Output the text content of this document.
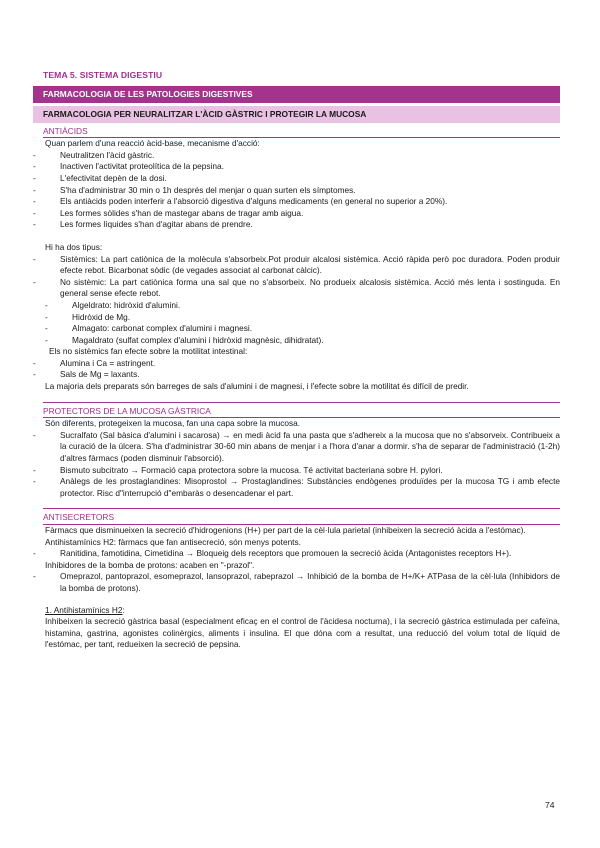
TEMA 5. SISTEMA DIGESTIU
FARMACOLOGIA DE LES PATOLOGIES DIGESTIVES
FARMACOLOGIA PER NEURALITZAR L'ÀCID GÀSTRIC I PROTEGIR LA MUCOSA
ANTIÀCIDS
Quan parlem d'una reacció àcid-base, mecanisme d'acció:
- Neutralitzen l'àcid gàstric.
- Inactiven l'activitat proteolítica de la pepsina.
- L'efectivitat depèn de la dosi.
- S'ha d'administrar 30 min o 1h després del menjar o quan surten els símptomes.
- Els antiàcids poden interferir a l'absorció digestiva d'alguns medicaments (en general no superior a 20%).
- Les formes sòlides s'han de mastegar abans de tragar amb aigua.
- Les formes líquides s'han d'agitar abans de prendre.
Hi ha dos tipus:
- Sistèmics: La part catiònica de la molècula s'absorbeix.Pot produir alcalosi sistèmica. Acció ràpida però poc duradora. Poden produir efecte rebot. Bicarbonat sòdic (de vegades associat al carbonat càlcic).
- No sistèmic: La part catiònica forma una sal que no s'absorbeix. No produeix alcalosis sistèmica. Acció més lenta i sostinguda. En general sense efecte rebot.
- Algeldrato: hidròxid d'alumini.
- Hidròxid de Mg.
- Almagato: carbonat complex d'alumini i magnesi.
- Magaldrato (sulfat complex d'alumini i hidròxid magnèsic, dihidratat).
Els no sistèmics fan efecte sobre la motilitat intestinal:
- Alumina i Ca = astringent.
- Sals de Mg = laxants.
La majoria dels preparats són barreges de sals d'alumini i de magnesi, i l'efecte sobre la motilitat és difícil de predir.
PROTECTORS DE LA MUCOSA GÀSTRICA
Són diferents, protegeixen la mucosa, fan una capa sobre la mucosa.
- Sucralfato (Sal bàsica d'alumini i sacarosa) → en medi àcid fa una pasta que s'adhereix a la mucosa que no s'absorveix. Contribueix a la curació de la úlcera. S'ha d'administrar 30-60 min abans de menjar i a l'hora d'anar a dormir. s'ha de separar de l'administració (1-2h) d'altres fàrmacs (poden disminuir l'absorció).
- Bismuto subcitrato → Formació capa protectora sobre la mucosa. Té activitat bacteriana sobre H. pylori.
- Anàlegs de les prostaglandines: Misoprostol → Prostaglandines: Substàncies endògenes produïdes per la mucosa TG i amb efecte protector. Risc d"interrupció d"embaràs o desencadenar el part.
ANTISECRETORS
Fàrmacs que disminueixen la secreció d'hidrogenions (H+) per part de la cèl·lula parietal (inhibeixen la secreció àcida a l'estómac).
Antihistamínics H2: fàrmacs que fan antisecreció, són menys potents.
- Ranitidina, famotidina, Cimetidina → Bloqueig dels receptors que promouen la secreció àcida (Antagonistes receptors H+).
Inhibidores de la bomba de protons: acaben en "-prazol".
- Omeprazol, pantoprazol, esomeprazol, lansoprazol, rabeprazol → Inhibició de la bomba de H+/K+ ATPasa de la cèl·lula (Inhibidors de la bomba de protons).
1. Antihistamínics H2:
Inhibeixen la secreció gàstrica basal (especialment eficaç en el control de l'àcidesa nocturna), i la secreció gàstrica estimulada per cafeïna, histamina, gastrina, agonistes colinèrgics, aliments i insulina. El que dóna com a resultat, una reducció del volum total de líquid de l'estómac, per tant, redueixen la secreció de pepsina.
74
